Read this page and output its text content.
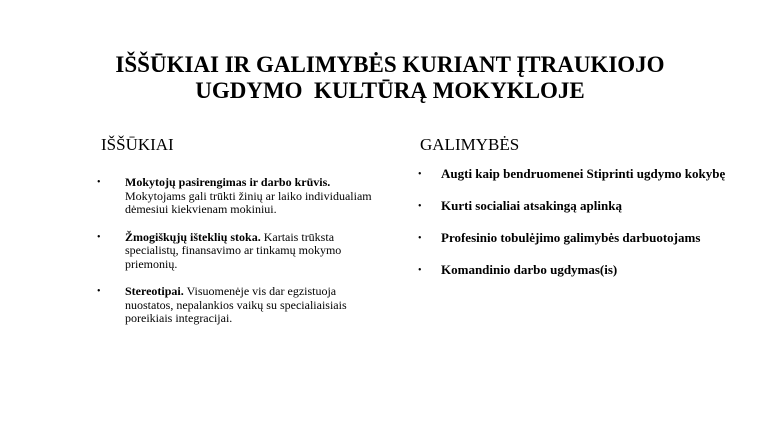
IŠŠŪKIAI IR GALIMYBĖS KURIANT ĮTRAUKIOJO
UGDYMO  KULTŪRĄ MOKYKLOJE
IŠŠŪKIAI
• Mokytojų pasirengimas ir darbo krūvis. Mokytojams gali trūkti žinių ar laiko individualiam dėmesiui kiekvienam mokiniui.
• Žmogiškųjų išteklių stoka. Kartais trūksta specialistų, finansavimo ar tinkamų mokymo priemonių.
• Stereotipai. Visuomenėje vis dar egzistuoja nuostatos, nepalankios vaikų su specialiaisiais poreikiais integracijai.
GALIMYBĖS
• Augti kaip bendruomenei Stiprinti ugdymo kokybę
• Kurti socialiai atsakingą aplinką
• Profesinio tobulėjimo galimybės darbuotojams
• Komandinio darbo ugdymas(is)
